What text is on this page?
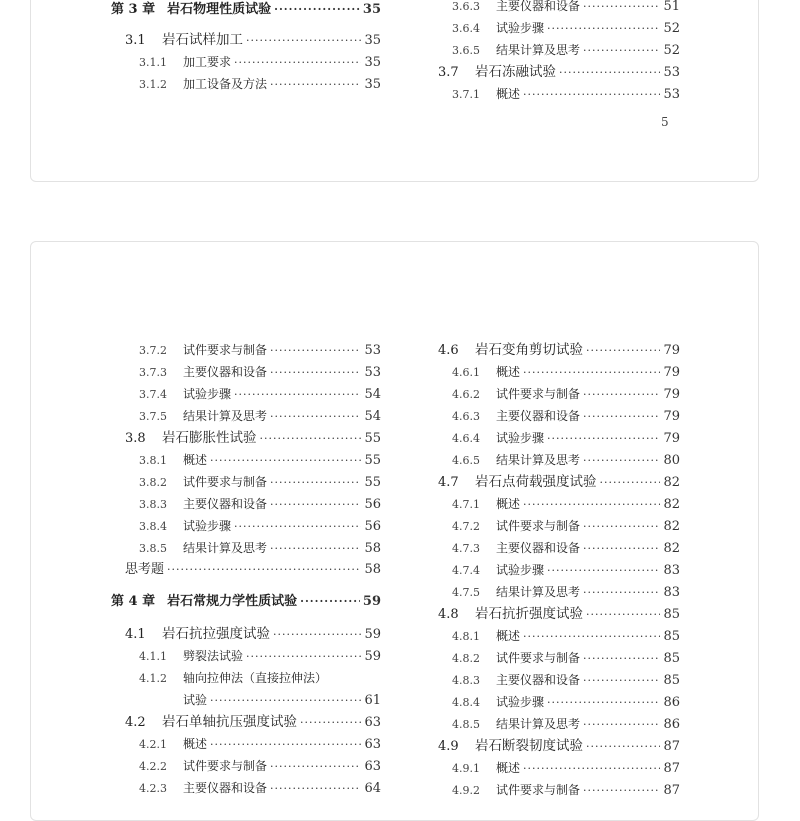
第 3 章 岩石物理性质试验 ·····	35
3.1	岩石试样加工 ·····	35
3.1.1	加工要求 ·····	35
3.1.2	加工设备及方法 ·····	35
3.6.3	主要仪器和设备 ·····	51
3.6.4	试验步骤 ·····	52
3.6.5	结果计算及思考 ·····	52
3.7	岩石冻融试验 ·····	53
3.7.1	概述 ·····	53
5
3.7.2	试件要求与制备 ·····	53
3.7.3	主要仪器和设备 ·····	53
3.7.4	试验步骤 ·····	54
3.7.5	结果计算及思考 ·····	54
3.8	岩石膨胀性试验 ·····	55
3.8.1	概述 ·····	55
3.8.2	试件要求与制备 ·····	55
3.8.3	主要仪器和设备 ·····	56
3.8.4	试验步骤 ·····	56
3.8.5	结果计算及思考 ·····	58
思考题 ·····	58
第 4 章 岩石常规力学性质试验 ·····	59
4.1	岩石抗拉强度试验 ·····	59
4.1.1	劈裂法试验 ·····	59
4.1.2	轴向拉伸法（直接拉伸法）
试验 ·····	61
4.2	岩石单轴抗压强度试验 ·····	63
4.2.1	概述 ·····	63
4.2.2	试件要求与制备 ·····	63
4.2.3	主要仪器和设备 ·····	64
4.6	岩石变角剪切试验 ·····	79
4.6.1	概述 ·····	79
4.6.2	试件要求与制备 ·····	79
4.6.3	主要仪器和设备 ·····	79
4.6.4	试验步骤 ·····	79
4.6.5	结果计算及思考 ·····	80
4.7	岩石点荷载强度试验 ·····	82
4.7.1	概述 ·····	82
4.7.2	试件要求与制备 ·····	82
4.7.3	主要仪器和设备 ·····	82
4.7.4	试验步骤 ·····	83
4.7.5	结果计算及思考 ·····	83
4.8	岩石抗折强度试验 ·····	85
4.8.1	概述 ·····	85
4.8.2	试件要求与制备 ·····	85
4.8.3	主要仪器和设备 ·····	85
4.8.4	试验步骤 ·····	86
4.8.5	结果计算及思考 ·····	86
4.9	岩石断裂韧度试验 ·····	87
4.9.1	概述 ·····	87
4.9.2	试件要求与制备 ·····	87
